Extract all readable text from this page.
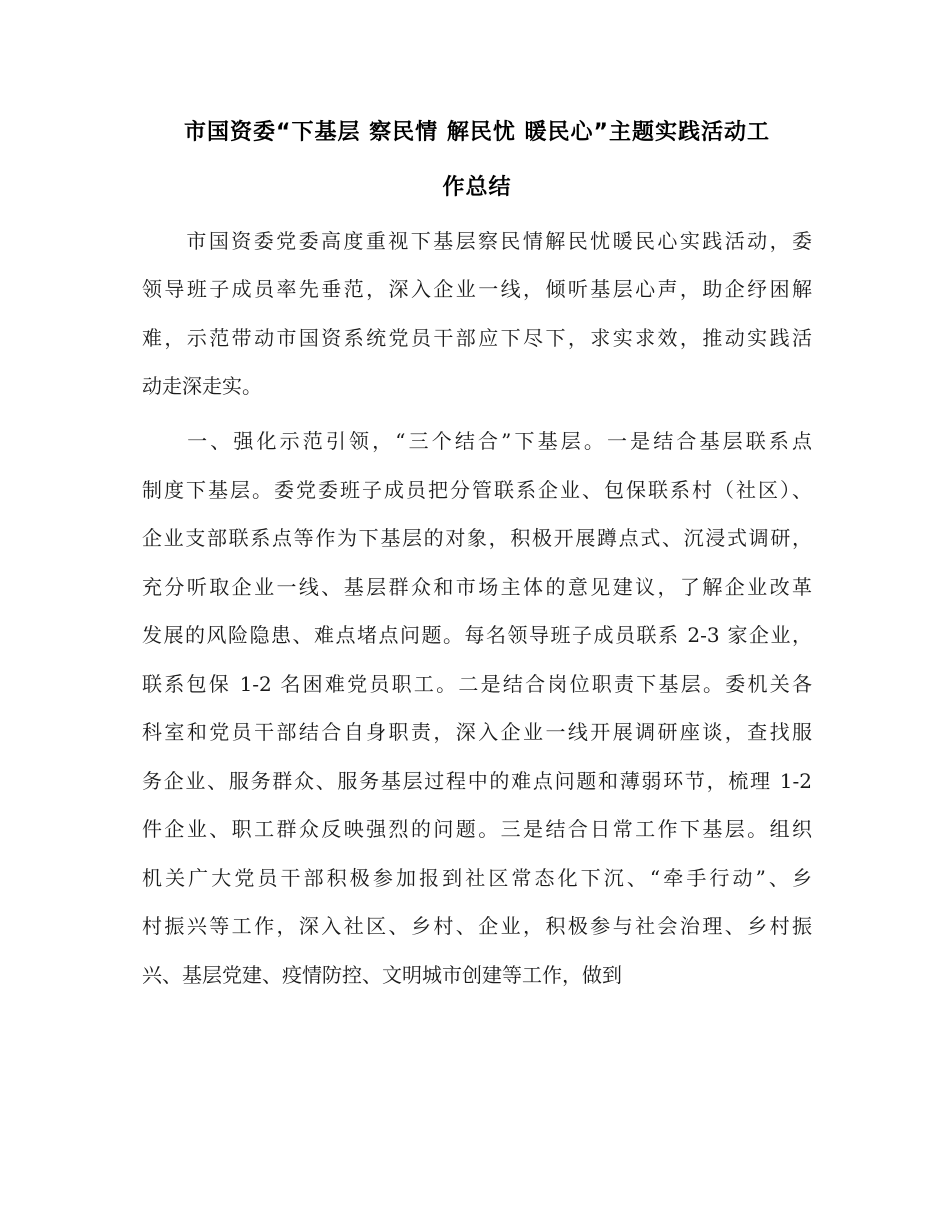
市国资委“下基层 察民情 解民忧 暖民心”主题实践活动工
作总结
市国资委党委高度重视下基层察民情解民忧暖民心实践活动，委
领导班子成员率先垂范，深入企业一线，倾听基层心声，助企纾困解
难，示范带动市国资系统党员干部应下尽下，求实求效，推动实践活
动走深走实。
一、强化示范引领，“三个结合”下基层。一是结合基层联系点
制度下基层。委党委班子成员把分管联系企业、包保联系村（社区）、
企业支部联系点等作为下基层的对象，积极开展蹲点式、沉浸式调研，
充分听取企业一线、基层群众和市场主体的意见建议，了解企业改革
发展的风险隐患、难点堵点问题。每名领导班子成员联系 2-3 家企业，
联系包保 1-2 名困难党员职工。二是结合岗位职责下基层。委机关各
科室和党员干部结合自身职责，深入企业一线开展调研座谈，查找服
务企业、服务群众、服务基层过程中的难点问题和薄弱环节，梳理 1-2
件企业、职工群众反映强烈的问题。三是结合日常工作下基层。组织
机关广大党员干部积极参加报到社区常态化下沉、“牵手行动”、乡
村振兴等工作，深入社区、乡村、企业，积极参与社会治理、乡村振
兴、基层党建、疫情防控、文明城市创建等工作，做到
